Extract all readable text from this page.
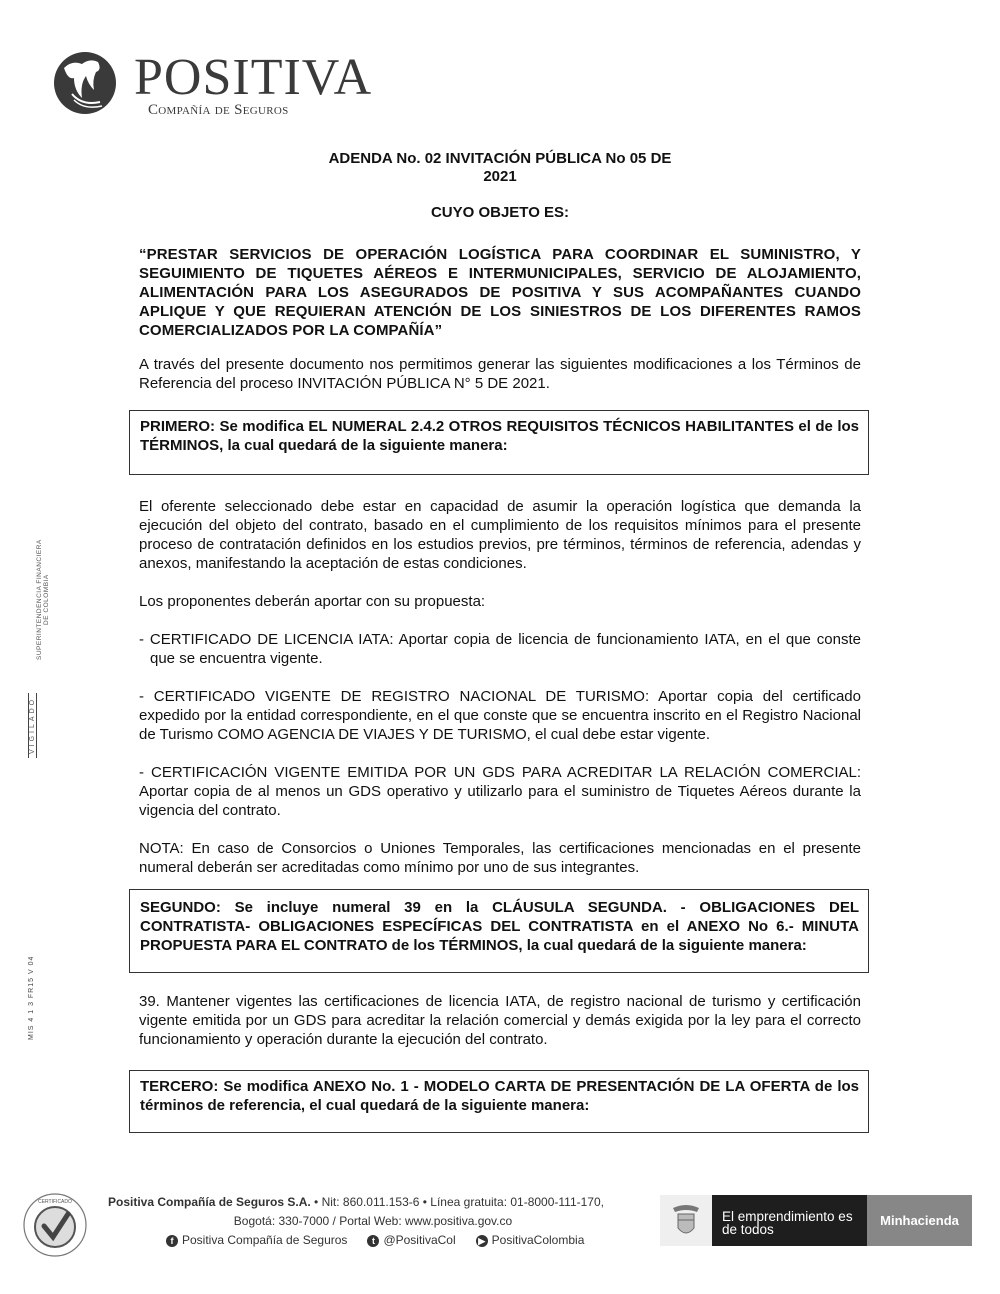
POSITIVA
Compañía de Seguros
VIGILADO
SUPERINTENDENCIA FINANCIERA DE COLOMBIA
MIS 4 1 3 FR15 V 04
ADENDA No. 02 INVITACIÓN PÚBLICA No 05 DE
2021
CUYO OBJETO ES:
“PRESTAR SERVICIOS DE OPERACIÓN LOGÍSTICA PARA COORDINAR EL SUMINISTRO, Y SEGUIMIENTO DE TIQUETES AÉREOS E INTERMUNICIPALES, SERVICIO DE ALOJAMIENTO, ALIMENTACIÓN PARA LOS ASEGURADOS DE POSITIVA Y SUS ACOMPAÑANTES CUANDO APLIQUE Y QUE REQUIERAN ATENCIÓN DE LOS SINIESTROS DE LOS DIFERENTES RAMOS COMERCIALIZADOS POR LA COMPAÑÍA”
A través del presente documento nos permitimos generar las siguientes modificaciones a los Términos de Referencia del proceso INVITACIÓN PÚBLICA N° 5 DE 2021.

PRIMERO: Se modifica EL NUMERAL 2.4.2 OTROS REQUISITOS TÉCNICOS HABILITANTES el de los TÉRMINOS, la cual quedará de la siguiente manera:

El oferente seleccionado debe estar en capacidad de asumir la operación logística que demanda la ejecución del objeto del contrato, basado en el cumplimiento de los requisitos mínimos para el presente proceso de contratación definidos en los estudios previos, pre términos, términos de referencia, adendas y anexos, manifestando la aceptación de estas condiciones.

Los proponentes deberán aportar con su propuesta:

- CERTIFICADO DE LICENCIA IATA: Aportar copia de licencia de funcionamiento IATA, en el que conste que se encuentra vigente.

- CERTIFICADO VIGENTE DE REGISTRO NACIONAL DE TURISMO: Aportar copia del certificado expedido por la entidad correspondiente, en el que conste que se encuentra inscrito en el Registro Nacional de Turismo COMO AGENCIA DE VIAJES Y DE TURISMO, el cual debe estar vigente.

- CERTIFICACIÓN VIGENTE EMITIDA POR UN GDS PARA ACREDITAR LA RELACIÓN COMERCIAL: Aportar copia de al menos un GDS operativo y utilizarlo para el suministro de Tiquetes Aéreos durante la vigencia del contrato.

NOTA: En caso de Consorcios o Uniones Temporales, las certificaciones mencionadas en el presente numeral deberán ser acreditadas como mínimo por uno de sus integrantes.

SEGUNDO: Se incluye numeral 39 en la CLÁUSULA SEGUNDA. - OBLIGACIONES DEL CONTRATISTA- OBLIGACIONES ESPECÍFICAS DEL CONTRATISTA en el ANEXO No 6.- MINUTA PROPUESTA PARA EL CONTRATO de los TÉRMINOS, la cual quedará de la siguiente manera:

39. Mantener vigentes las certificaciones de licencia IATA, de registro nacional de turismo y certificación vigente emitida por un GDS para acreditar la relación comercial y demás exigida por la ley para el correcto funcionamiento y operación durante la ejecución del contrato.

TERCERO: Se modifica ANEXO No. 1 - MODELO CARTA DE PRESENTACIÓN DE LA OFERTA de los términos de referencia, el cual quedará de la siguiente manera:

CERTIFICADO	Positiva Compañía de Seguros S.A. • Nit: 860.011.153-6 • Línea gratuita: 01-8000-111-170,
Bogotá: 330-7000 / Portal Web: www.positiva.gov.co
f Positiva Compañía de Seguros	t @PositivaCol	▶ PositivaColombia
El emprendimiento es de todos
Minhacienda
